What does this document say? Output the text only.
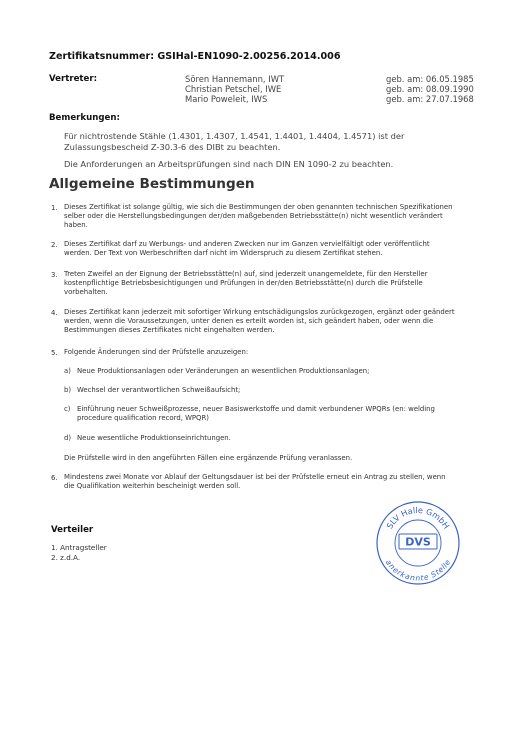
Zertifikatsnummer: GSIHal-EN1090-2.00256.2014.006
Vertreter:	Sören Hannemann, IWT
Christian Petschel, IWE
Mario Poweleit, IWS
geb. am: 06.05.1985
geb. am: 08.09.1990
geb. am: 27.07.1968
Bemerkungen:
Für nichtrostende Stähle (1.4301, 1.4307, 1.4541, 1.4401, 1.4404, 1.4571) ist der
Zulassungsbescheid Z-30.3-6 des DIBt zu beachten.
Die Anforderungen an Arbeitsprüfungen sind nach DIN EN 1090-2 zu beachten.
Allgemeine Bestimmungen
1. Dieses Zertifikat ist solange gültig, wie sich die Bestimmungen der oben genannten technischen Spezifikationen
selber oder die Herstellungsbedingungen der/den maßgebenden Betriebsstätte(n) nicht wesentlich verändert
haben.
2. Dieses Zertifikat darf zu Werbungs- und anderen Zwecken nur im Ganzen vervielfältigt oder veröffentlicht
werden. Der Text von Werbeschriften darf nicht im Widerspruch zu diesem Zertifikat stehen.
3. Treten Zweifel an der Eignung der Betriebsstätte(n) auf, sind jederzeit unangemeldete, für den Hersteller
kostenpflichtige Betriebsbesichtigungen und Prüfungen in der/den Betriebsstätte(n) durch die Prüfstelle
vorbehalten.
4. Dieses Zertifikat kann jederzeit mit sofortiger Wirkung entschädigungslos zurückgezogen, ergänzt oder geändert
werden, wenn die Voraussetzungen, unter denen es erteilt worden ist, sich geändert haben, oder wenn die
Bestimmungen dieses Zertifikates nicht eingehalten werden.
5. Folgende Änderungen sind der Prüfstelle anzuzeigen:
a) Neue Produktionsanlagen oder Veränderungen an wesentlichen Produktionsanlagen;
b) Wechsel der verantwortlichen Schweißaufsicht;
c) Einführung neuer Schweißprozesse, neuer Basiswerkstoffe und damit verbundener WPQRs (en: welding
procedure qualification record, WPQR)
d) Neue wesentliche Produktionseinrichtungen.
Die Prüfstelle wird in den angeführten Fällen eine ergänzende Prüfung veranlassen.
6. Mindestens zwei Monate vor Ablauf der Geltungsdauer ist bei der Prüfstelle erneut ein Antrag zu stellen, wenn
die Qualifikation weiterhin bescheinigt werden soll.
Verteiler
1. Antragsteller
2. z.d.A.
SLV Halle GmbH
anerkannte Stelle
DVS
